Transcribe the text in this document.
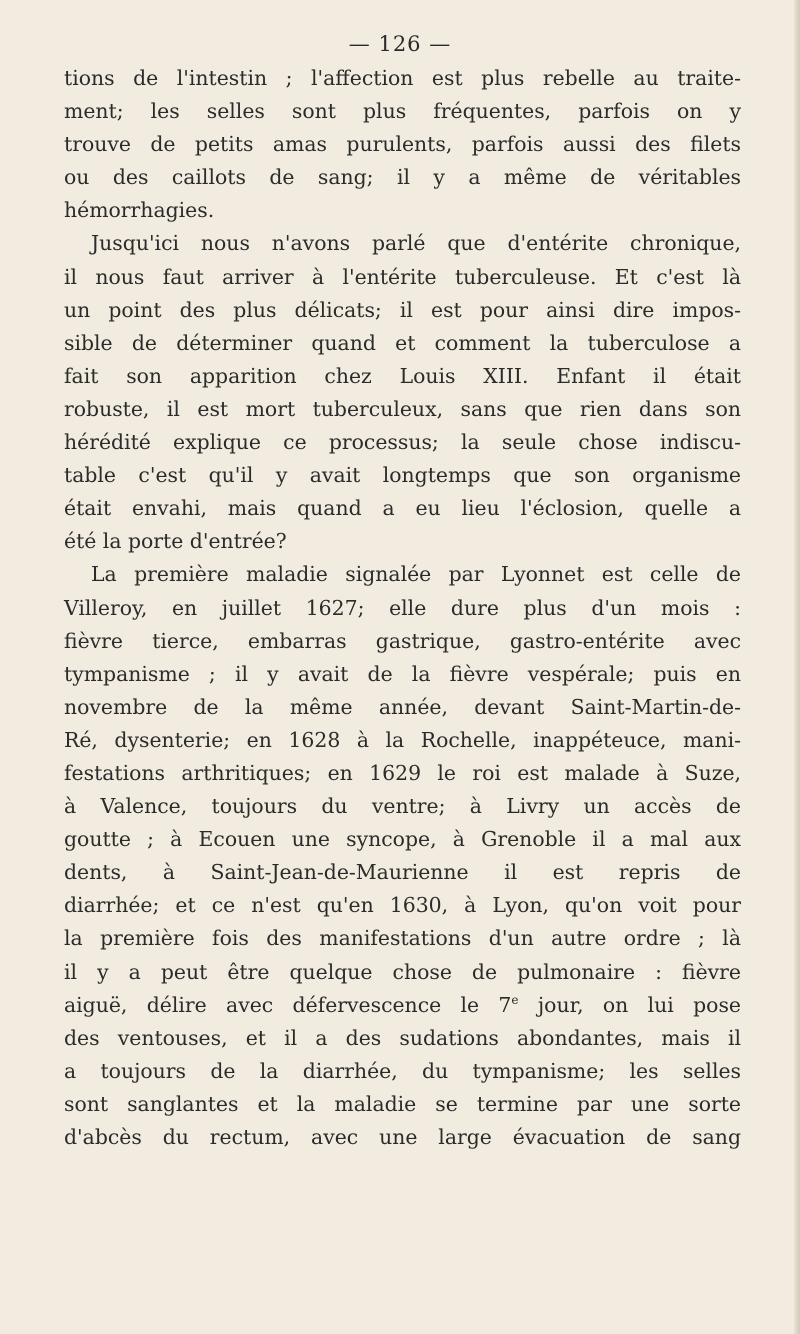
— 126 —
tions de l'intestin ; l'affection est plus rebelle au traite-
ment; les selles sont plus fréquentes, parfois on y
trouve de petits amas purulents, parfois aussi des filets
ou des caillots de sang; il y a même de véritables
hémorrhagies.
Jusqu'ici nous n'avons parlé que d'entérite chronique,
il nous faut arriver à l'entérite tuberculeuse. Et c'est là
un point des plus délicats; il est pour ainsi dire impos-
sible de déterminer quand et comment la tuberculose a
fait son apparition chez Louis XIII. Enfant il était
robuste, il est mort tuberculeux, sans que rien dans son
hérédité explique ce processus; la seule chose indiscu-
table c'est qu'il y avait longtemps que son organisme
était envahi, mais quand a eu lieu l'éclosion, quelle a
été la porte d'entrée?
La première maladie signalée par Lyonnet est celle de
Villeroy, en juillet 1627; elle dure plus d'un mois :
fièvre tierce, embarras gastrique, gastro-entérite avec
tympanisme ; il y avait de la fièvre vespérale; puis en
novembre de la même année, devant Saint-Martin-de-
Ré, dysenterie; en 1628 à la Rochelle, inappéteuce, mani-
festations arthritiques; en 1629 le roi est malade à Suze,
à Valence, toujours du ventre; à Livry un accès de
goutte ; à Ecouen une syncope, à Grenoble il a mal aux
dents, à Saint-Jean-de-Maurienne il est repris de
diarrhée; et ce n'est qu'en 1630, à Lyon, qu'on voit pour
la première fois des manifestations d'un autre ordre ; là
il y a peut être quelque chose de pulmonaire : fièvre
aiguë, délire avec défervescence le 7e jour, on lui pose
des ventouses, et il a des sudations abondantes, mais il
a toujours de la diarrhée, du tympanisme; les selles
sont sanglantes et la maladie se termine par une sorte
d'abcès du rectum, avec une large évacuation de sang
